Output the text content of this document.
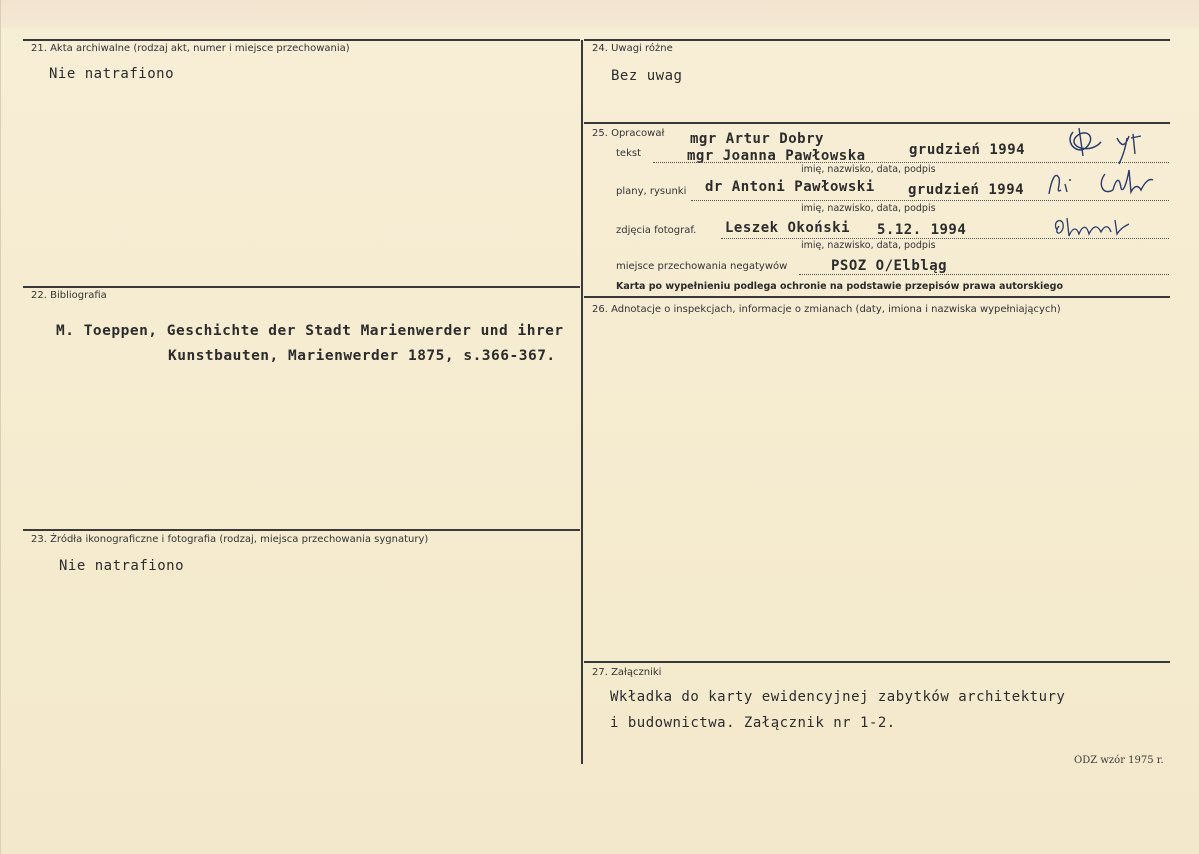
21. Akta archiwalne (rodzaj akt, numer i miejsce przechowania)
Nie natrafiono
22. Bibliografia
M. Toeppen, Geschichte der Stadt Marienwerder und ihrer
Kunstbauten, Marienwerder 1875, s.366-367.
23. Źródła ikonograficzne i fotografia (rodzaj, miejsca przechowania sygnatury)
Nie natrafiono
24. Uwagi różne
Bez uwag
25. Opracował
tekst
mgr Artur Dobry
mgr Joanna Pawłowska	grudzień 1994
imię, nazwisko, data, podpis
plany, rysunki dr Antoni Pawłowski grudzień 1994
imię, nazwisko, data, podpis
zdjęcia fotograf. Leszek Okoński 5.12. 1994
imię, nazwisko, data, podpis
miejsce przechowania negatywów	PSOZ O/Elbląg
Karta po wypełnieniu podlega ochronie na podstawie przepisów prawa autorskiego
26. Adnotacje o inspekcjach, informacje o zmianach (daty, imiona i nazwiska wypełniających)
27. Załączniki
Wkładka do karty ewidencyjnej zabytków architektury
i budownictwa. Załącznik nr 1-2.
ODZ wzór 1975 r.
